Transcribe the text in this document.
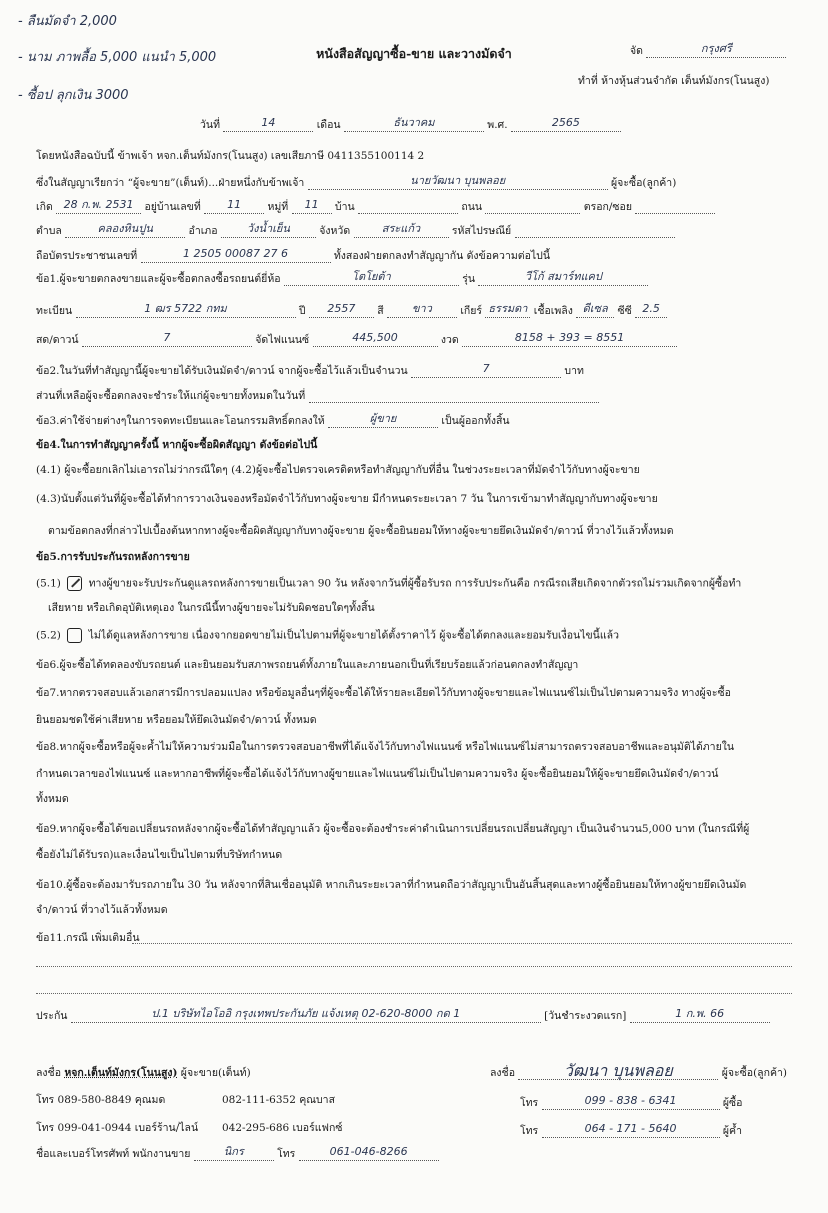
- ลืนมัดจำ 2,000
- นาม ภาพลื้อ 5,000 แนนำ 5,000
- ซื้อป ลุกเงิน 3000
หนังสือสัญญาซื้อ-ขาย และวางมัดจำ	จัด	กรุงศรี
ทำที่ ห้างหุ้นส่วนจำกัด เต็นท์มังกร(โนนสูง)
วันที่	14	เดือน	ธันวาคม	พ.ศ.	2565
โดยหนังสือฉบับนี้ ข้าพเจ้า หจก.เต็นท์มังกร(โนนสูง) เลขเสียภาษี 0411355100114 2
ซึ่งในสัญญาเรียกว่า “ผู้จะขาย”(เต็นท์)...ฝ่ายหนึ่งกับข้าพเจ้า	นายวัฒนา บุนพลอย	ผู้จะซื้อ(ลูกค้า)
เกิด 28 ก.พ. 2531 อยู่บ้านเลขที่ 11	หมู่ที่ 11 บ้าน	ถนน	ตรอก/ซอย
ตำบล	คลองหินปูน	อำเภอ	วังน้ำเย็น	จังหวัด	สระแก้ว	รหัสไปรษณีย์
ถือบัตรประชาชนเลขที่	1 2505 00087 27 6	ทั้งสองฝ่ายตกลงทำสัญญากัน ดังข้อความต่อไปนี้
ข้อ1.ผู้จะขายตกลงขายและผู้จะซื้อตกลงซื้อรถยนต์ยี่ห้อ	โตโยต้า	รุ่น	วีโก้ สมาร์ทแคป
ทะเบียน	1 ฒร 5722 กทม	ปี 2557 สี	ขาว	เกียร์ ธรรมดา เชื้อเพลิง ดีเซล ซีซี 2.5
สด/ดาวน์	7	จัดไฟแนนซ์	445,500	งวด	8158 + 393 = 8551
ข้อ2.ในวันที่ทำสัญญานี้ผู้จะขายได้รับเงินมัดจำ/ดาวน์ จากผู้จะซื้อไว้แล้วเป็นจำนวน	7	บาท
ส่วนที่เหลือผู้จะซื้อตกลงจะชำระให้แก่ผู้จะขายทั้งหมดในวันที่
ข้อ3.ค่าใช้จ่ายต่างๆในการจดทะเบียนและโอนกรรมสิทธิ์ตกลงให้	ผู้ขาย	เป็นผู้ออกทั้งสิ้น
ข้อ4.ในการทำสัญญาครั้งนี้ หากผู้จะซื้อผิดสัญญา ดังข้อต่อไปนี้
(4.1) ผู้จะซื้อยกเลิกไม่เอารถไม่ว่ากรณีใดๆ (4.2)ผู้จะซื้อไปตรวจเครดิตหรือทำสัญญากับที่อื่น ในช่วงระยะเวลาที่มัดจำไว้กับทางผู้จะขาย
(4.3)นับตั้งแต่วันที่ผู้จะซื้อได้ทำการวางเงินจองหรือมัดจำไว้กับทางผู้จะขาย มีกำหนดระยะเวลา 7 วัน ในการเข้ามาทำสัญญากับทางผู้จะขาย
ตามข้อตกลงที่กล่าวไปเบื้องต้นหากทางผู้จะซื้อผิดสัญญากับทางผู้จะขาย ผู้จะซื้อยินยอมให้ทางผู้จะขายยึดเงินมัดจำ/ดาวน์ ที่วางไว้แล้วทั้งหมด
ข้อ5.การรับประกันรถหลังการขาย
(5.1)	ทางผู้ขายจะรับประกันดูแลรถหลังการขายเป็นเวลา 90 วัน หลังจากวันที่ผู้ซื้อรับรถ การรับประกันคือ กรณีรถเสียเกิดจากตัวรถไม่รวมเกิดจากผู้ซื้อทำ
เสียหาย หรือเกิดอุบัติเหตุเอง ในกรณีนี้ทางผู้ขายจะไม่รับผิดชอบใดๆทั้งสิ้น
(5.2)	ไม่ได้ดูแลหลังการขาย เนื่องจากยอดขายไม่เป็นไปตามที่ผู้จะขายได้ตั้งราคาไว้ ผู้จะซื้อได้ตกลงและยอมรับเงื่อนไขนี้แล้ว
ข้อ6.ผู้จะซื้อได้ทดลองขับรถยนต์ และยินยอมรับสภาพรถยนต์ทั้งภายในและภายนอกเป็นที่เรียบร้อยแล้วก่อนตกลงทำสัญญา
ข้อ7.หากตรวจสอบแล้วเอกสารมีการปลอมแปลง หรือข้อมูลอื่นๆที่ผู้จะซื้อได้ให้รายละเอียดไว้กับทางผู้จะขายและไฟแนนซ์ไม่เป็นไปตามความจริง ทางผู้จะซื้อ
ยินยอมชดใช้ค่าเสียหาย หรือยอมให้ยึดเงินมัดจำ/ดาวน์ ทั้งหมด
ข้อ8.หากผู้จะซื้อหรือผู้จะค้ำไม่ให้ความร่วมมือในการตรวจสอบอาชีพที่ได้แจ้งไว้กับทางไฟแนนซ์ หรือไฟแนนซ์ไม่สามารถตรวจสอบอาชีพและอนุมัติได้ภายใน
กำหนดเวลาของไฟแนนซ์ และหากอาชีพที่ผู้จะซื้อได้แจ้งไว้กับทางผู้ขายและไฟแนนซ์ไม่เป็นไปตามความจริง ผู้จะซื้อยินยอมให้ผู้จะขายยึดเงินมัดจำ/ดาวน์
ทั้งหมด
ข้อ9.หากผู้จะซื้อได้ขอเปลี่ยนรถหลังจากผู้จะซื้อได้ทำสัญญาแล้ว ผู้จะซื้อจะต้องชำระค่าดำเนินการเปลี่ยนรถเปลี่ยนสัญญา เป็นเงินจำนวน5,000 บาท (ในกรณีที่ผู้
ซื้อยังไม่ได้รับรถ)และเงื่อนไขเป็นไปตามที่บริษัทกำหนด
ข้อ10.ผู้ซื้อจะต้องมารับรถภายใน 30 วัน หลังจากที่สินเชื่ออนุมัติ หากเกินระยะเวลาที่กำหนดถือว่าสัญญาเป็นอันสิ้นสุดและทางผู้ซื้อยินยอมให้ทางผู้ขายยึดเงินมัด
จำ/ดาวน์ ที่วางไว้แล้วทั้งหมด
ข้อ11.กรณี เพิ่มเติมอื่น
ประกัน	ป.1 บริษัทไอโออิ กรุงเทพประกันภัย แจ้งเหตุ 02-620-8000 กด 1	[วันชำระงวดแรก]	1 ก.พ. 66
ลงชื่อ หจก.เต็นท์มังกร(โนนสูง) ผู้จะขาย(เต็นท์)	ลงชื่อ	วัฒนา บุนพลอย	ผู้จะซื้อ(ลูกค้า)
โทร 089-580-8849 คุณมด	082-111-6352 คุณบาส
โทร 099-041-0944 เบอร์ร้าน/ไลน์ 042-295-686 เบอร์แฟกซ์
ชื่อและเบอร์โทรศัพท์ พนักงานขาย	นิกร	โทร	061-046-8266
โทร	099 - 838 - 6341	ผู้ซื้อ
โทร	064 - 171 - 5640	ผู้ค้ำ
